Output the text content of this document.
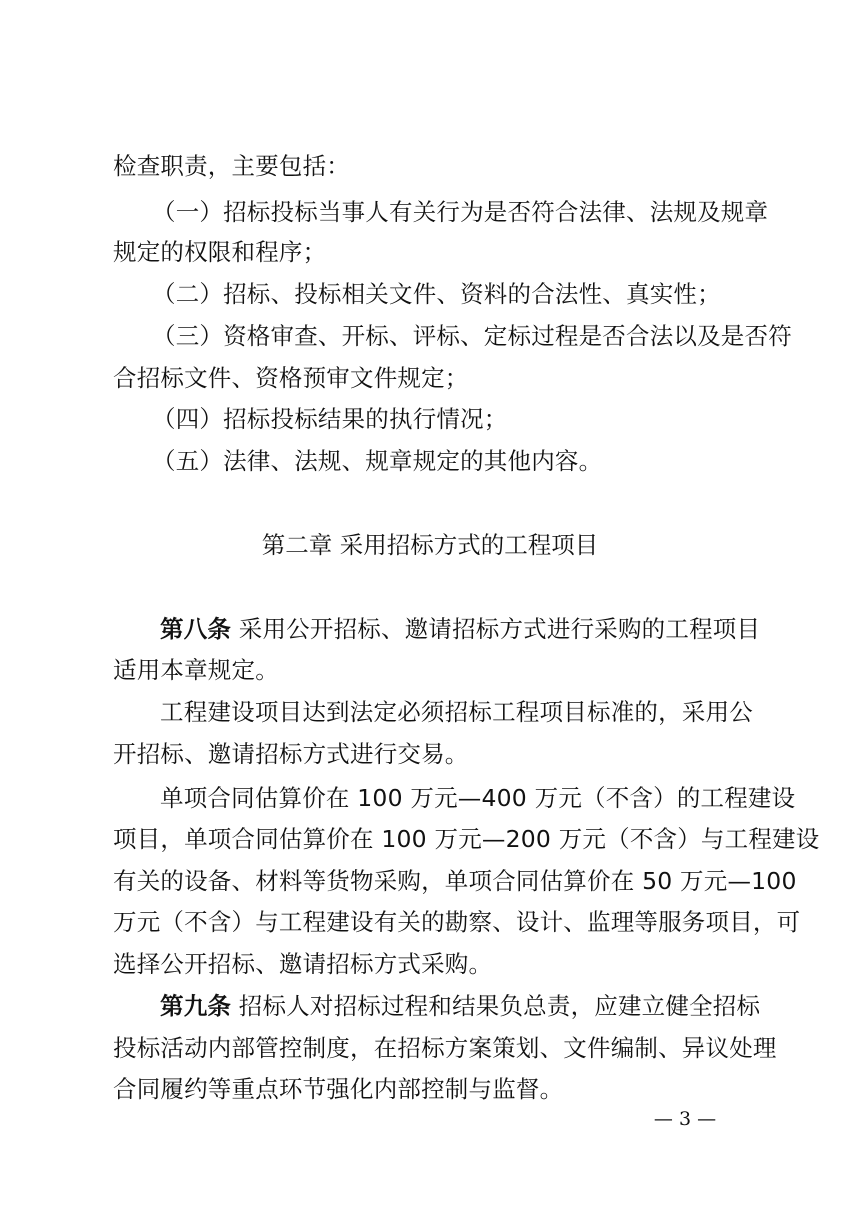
检查职责，主要包括：
（一）招标投标当事人有关行为是否符合法律、法规及规章
规定的权限和程序；
（二）招标、投标相关文件、资料的合法性、真实性；
（三）资格审查、开标、评标、定标过程是否合法以及是否符
合招标文件、资格预审文件规定；
（四）招标投标结果的执行情况；
（五）法律、法规、规章规定的其他内容。
第二章 采用招标方式的工程项目
第八条 采用公开招标、邀请招标方式进行采购的工程项目
适用本章规定。
工程建设项目达到法定必须招标工程项目标准的，采用公
开招标、邀请招标方式进行交易。
单项合同估算价在 100 万元—400 万元（不含）的工程建设
项目，单项合同估算价在 100 万元—200 万元（不含）与工程建设
有关的设备、材料等货物采购，单项合同估算价在 50 万元—100
万元（不含）与工程建设有关的勘察、设计、监理等服务项目，可
选择公开招标、邀请招标方式采购。
第九条 招标人对招标过程和结果负总责，应建立健全招标
投标活动内部管控制度，在招标方案策划、文件编制、异议处理
合同履约等重点环节强化内部控制与监督。
— 3 —
